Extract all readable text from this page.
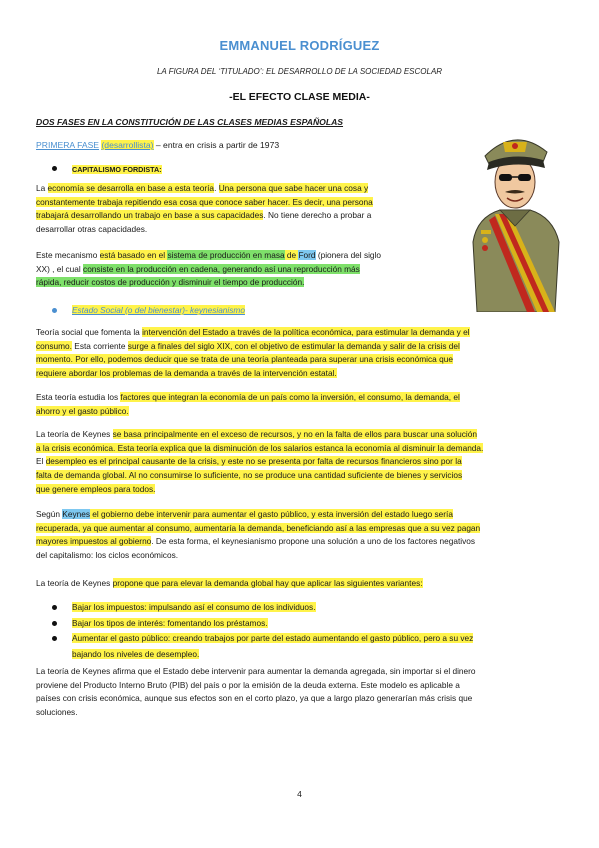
EMMANUEL RODRÍGUEZ
LA FIGURA DEL ‘TITULADO’: EL DESARROLLO DE LA SOCIEDAD ESCOLAR
-EL EFECTO CLASE MEDIA-
DOS FASES EN LA CONSTITUCIÓN DE LAS CLASES MEDIAS ESPAÑOLAS
PRIMERA FASE (desarrollista) – entra en crisis a partir de 1973
CAPITALISMO FORDISTA:
La economía se desarrolla en base a esta teoría. Una persona que sabe hacer una cosa y
constantemente trabaja repitiendo esa cosa que conoce saber hacer. Es decir, una persona
trabajará desarrollando un trabajo en base a sus capacidades. No tiene derecho a probar a
desarrollar otras capacidades.
Este mecanismo está basado en el sistema de producción en masa de Ford (pionera del siglo
XX) , el cual consiste en la producción en cadena, generando así una reproducción más
rápida, reducir costos de producción y disminuir el tiempo de producción.
Estado Social (o del bienestar)- keynesianismo
Teoría social que fomenta la intervención del Estado a través de la política económica, para estimular la demanda y el
consumo. Esta corriente surge a finales del siglo XIX, con el objetivo de estimular la demanda y salir de la crisis del
momento. Por ello, podemos deducir que se trata de una teoría planteada para superar una crisis económica que
requiere abordar los problemas de la demanda a través de la intervención estatal.
Esta teoría estudia los factores que integran la economía de un país como la inversión, el consumo, la demanda, el
ahorro y el gasto público.
La teoría de Keynes se basa principalmente en el exceso de recursos, y no en la falta de ellos para buscar una solución
a la crisis económica. Esta teoría explica que la disminución de los salarios estanca la economía al disminuir la demanda.
El desempleo es el principal causante de la crisis, y este no se presenta por falta de recursos financieros sino por la
falta de demanda global. Al no consumirse lo suficiente, no se produce una cantidad suficiente de bienes y servicios
que genere empleos para todos.
Según Keynes el gobierno debe intervenir para aumentar el gasto público, y esta inversión del estado luego sería
recuperada, ya que aumentar al consumo, aumentaría la demanda, beneficiando así a las empresas que a su vez pagan
mayores impuestos al gobierno. De esta forma, el keynesianismo propone una solución a uno de los factores negativos
del capitalismo: los ciclos económicos.
La teoría de Keynes propone que para elevar la demanda global hay que aplicar las siguientes variantes:
Bajar los impuestos: impulsando así el consumo de los individuos.
Bajar los tipos de interés: fomentando los préstamos.
Aumentar el gasto público: creando trabajos por parte del estado aumentando el gasto público, pero a su vez
bajando los niveles de desempleo.
La teoría de Keynes afirma que el Estado debe intervenir para aumentar la demanda agregada, sin importar si el dinero
proviene del Producto Interno Bruto (PIB) del país o por la emisión de la deuda externa. Este modelo es aplicable a
países con crisis económica, aunque sus efectos son en el corto plazo, ya que a largo plazo generarían más crisis que
soluciones.
4
